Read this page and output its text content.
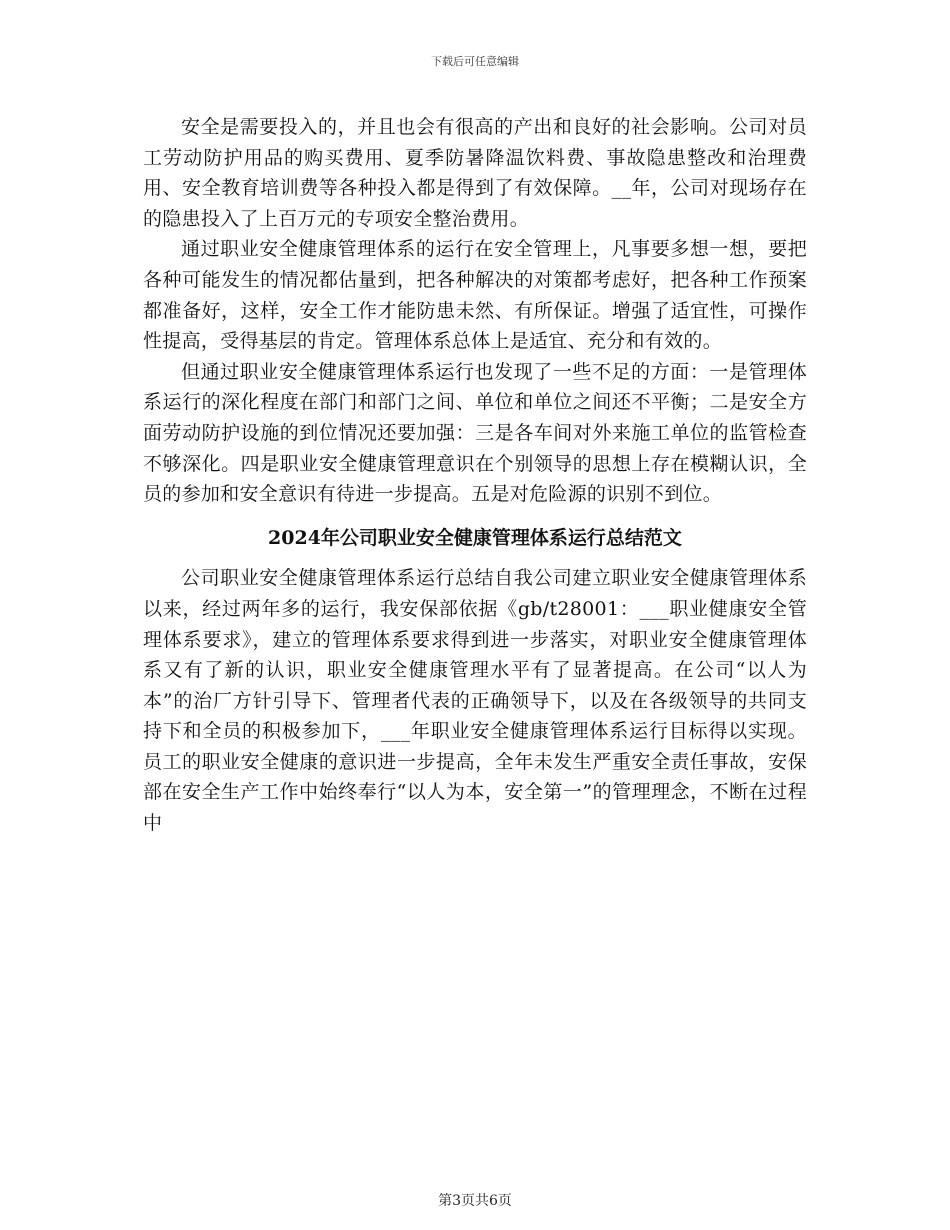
下载后可任意编辑

安全是需要投入的，并且也会有很高的产出和良好的社会影响。公司对员工劳动防护用品的购买费用、夏季防暑降温饮料费、事故隐患整改和治理费用、安全教育培训费等各种投入都是得到了有效保障。__年，公司对现场存在的隐患投入了上百万元的专项安全整治费用。

通过职业安全健康管理体系的运行在安全管理上，凡事要多想一想，要把各种可能发生的情况都估量到，把各种解决的对策都考虑好，把各种工作预案都准备好，这样，安全工作才能防患未然、有所保证。增强了适宜性，可操作性提高，受得基层的肯定。管理体系总体上是适宜、充分和有效的。

但通过职业安全健康管理体系运行也发现了一些不足的方面：一是管理体系运行的深化程度在部门和部门之间、单位和单位之间还不平衡；二是安全方面劳动防护设施的到位情况还要加强：三是各车间对外来施工单位的监管检查不够深化。四是职业安全健康管理意识在个别领导的思想上存在模糊认识，全员的参加和安全意识有待进一步提高。五是对危险源的识别不到位。

2024年公司职业安全健康管理体系运行总结范文

公司职业安全健康管理体系运行总结自我公司建立职业安全健康管理体系以来，经过两年多的运行，我安保部依据《gb/t28001：___职业健康安全管理体系要求》，建立的管理体系要求得到进一步落实，对职业安全健康管理体系又有了新的认识，职业安全健康管理水平有了显著提高。在公司“以人为本”的治厂方针引导下、管理者代表的正确领导下，以及在各级领导的共同支持下和全员的积极参加下，___年职业安全健康管理体系运行目标得以实现。员工的职业安全健康的意识进一步提高，全年未发生严重安全责任事故，安保部在安全生产工作中始终奉行“以人为本，安全第一”的管理理念，不断在过程中

第3页共6页
